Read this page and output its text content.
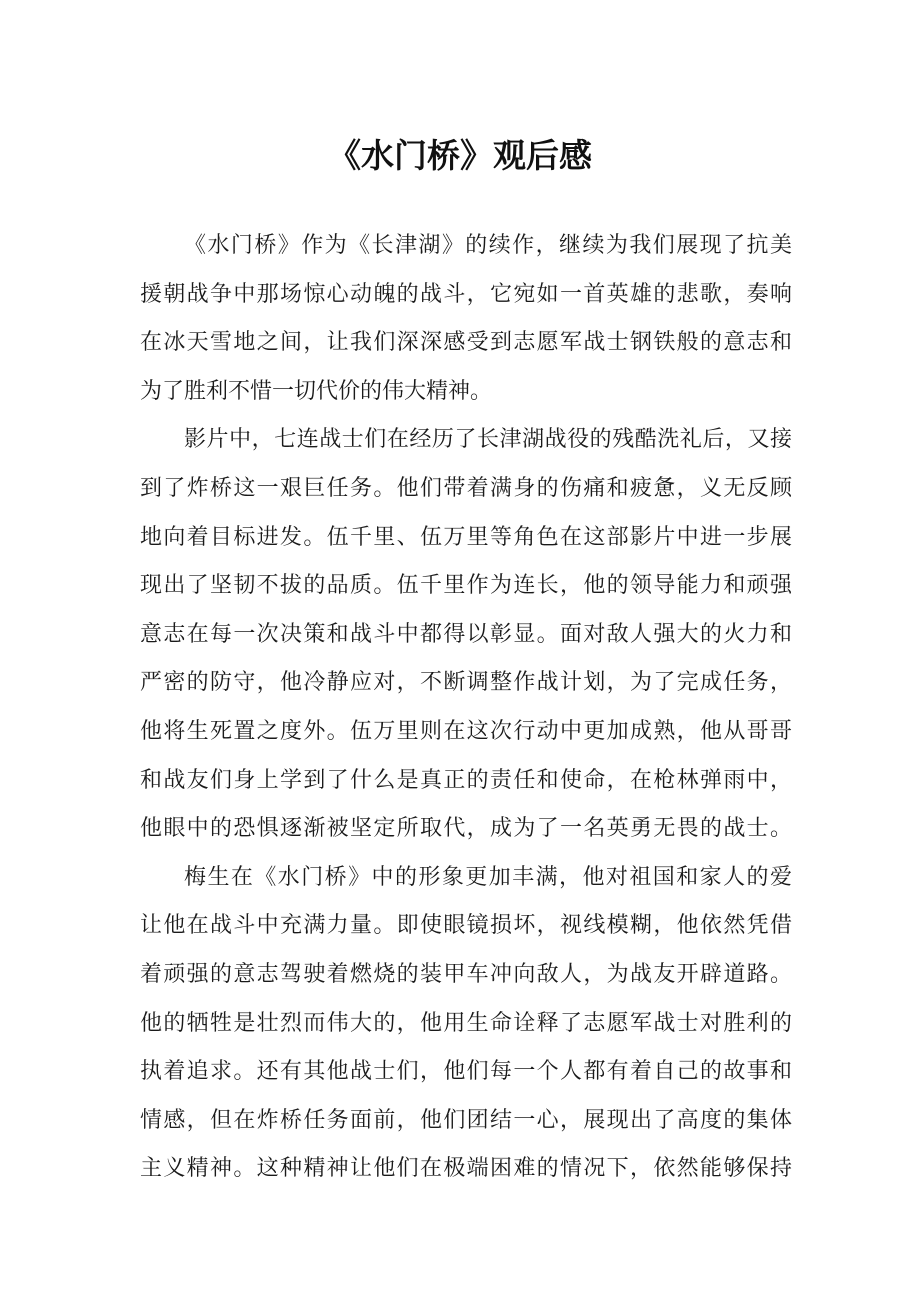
《水门桥》观后感

《水门桥》作为《长津湖》的续作，继续为我们展现了抗美
援朝战争中那场惊心动魄的战斗，它宛如一首英雄的悲歌，奏响
在冰天雪地之间，让我们深深感受到志愿军战士钢铁般的意志和
为了胜利不惜一切代价的伟大精神。

影片中，七连战士们在经历了长津湖战役的残酷洗礼后，又接
到了炸桥这一艰巨任务。他们带着满身的伤痛和疲惫，义无反顾
地向着目标进发。伍千里、伍万里等角色在这部影片中进一步展
现出了坚韧不拔的品质。伍千里作为连长，他的领导能力和顽强
意志在每一次决策和战斗中都得以彰显。面对敌人强大的火力和
严密的防守，他冷静应对，不断调整作战计划，为了完成任务，
他将生死置之度外。伍万里则在这次行动中更加成熟，他从哥哥
和战友们身上学到了什么是真正的责任和使命，在枪林弹雨中，
他眼中的恐惧逐渐被坚定所取代，成为了一名英勇无畏的战士。

梅生在《水门桥》中的形象更加丰满，他对祖国和家人的爱
让他在战斗中充满力量。即使眼镜损坏，视线模糊，他依然凭借
着顽强的意志驾驶着燃烧的装甲车冲向敌人，为战友开辟道路。
他的牺牲是壮烈而伟大的，他用生命诠释了志愿军战士对胜利的
执着追求。还有其他战士们，他们每一个人都有着自己的故事和
情感，但在炸桥任务面前，他们团结一心，展现出了高度的集体
主义精神。这种精神让他们在极端困难的情况下，依然能够保持
